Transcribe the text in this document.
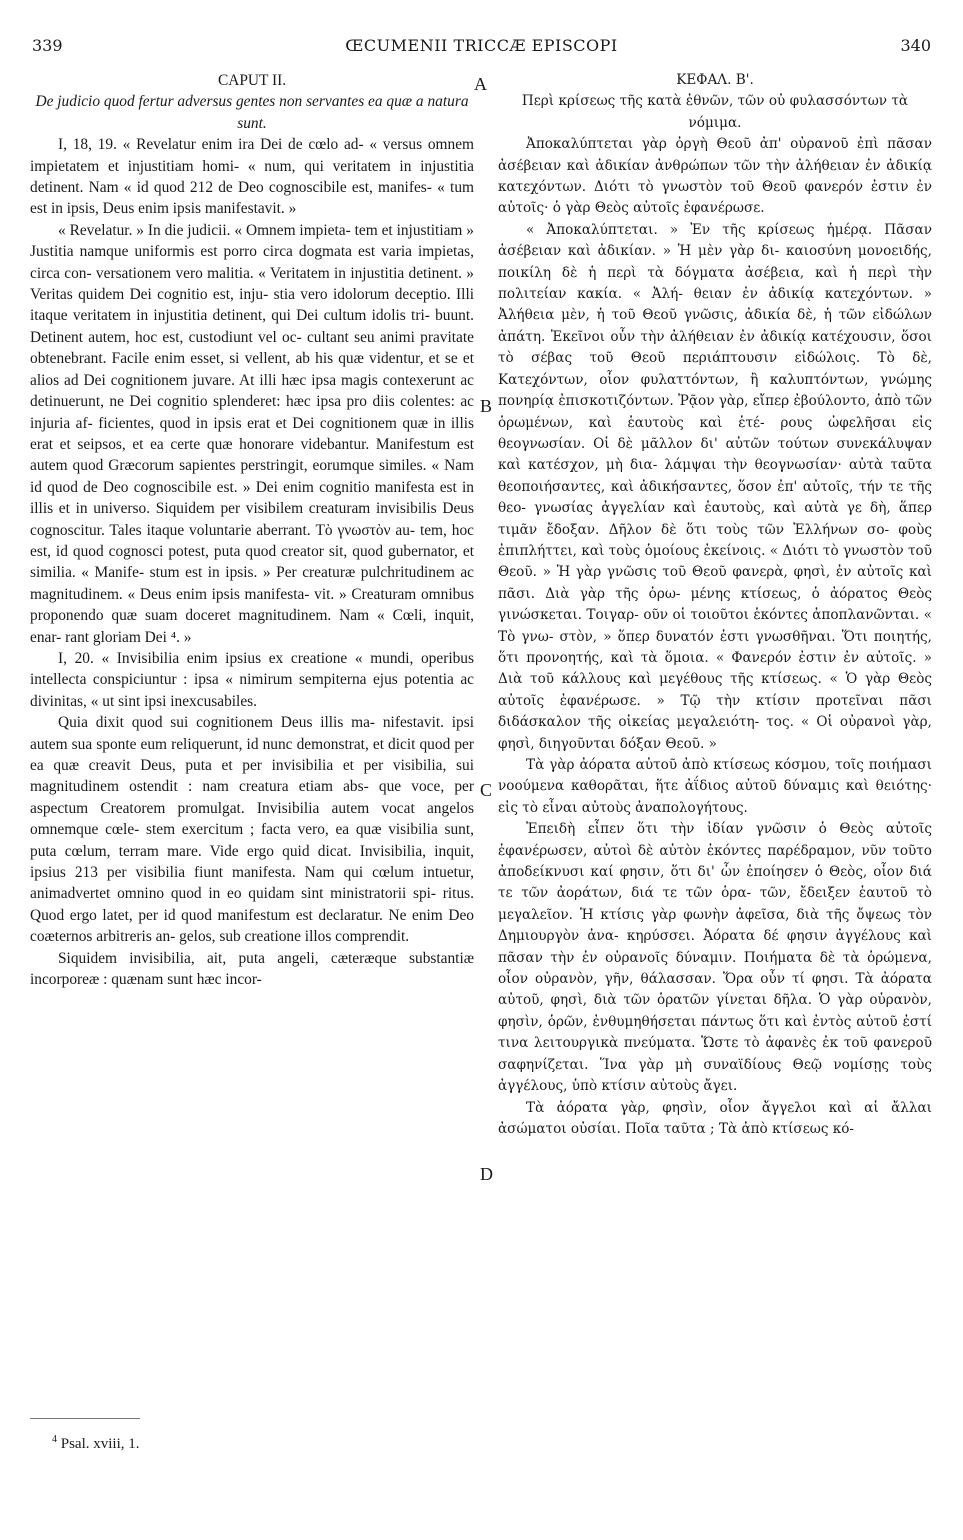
339	ŒCUMENII TRICCÆ EPISCOPI	340
A
B
C
D

CAPUT II.

De judicio quod fertur adversus gentes non servantes ea quæ a natura sunt.

I, 18, 19. « Revelatur enim ira Dei de cœlo ad- « versus omnem impietatem et injustitiam homi- « num, qui veritatem in injustitia detinent. Nam « id quod 212 de Deo cognoscibile est, manifes- « tum est in ipsis, Deus enim ipsis manifestavit. »

« Revelatur. » In die judicii. « Omnem impieta- tem et injustitiam » Justitia namque uniformis est porro circa dogmata est varia impietas, circa con- versationem vero malitia. « Veritatem in injustitia detinent. » Veritas quidem Dei cognitio est, inju- stia vero idolorum deceptio. Illi itaque veritatem in injustitia detinent, qui Dei cultum idolis tri- buunt. Detinent autem, hoc est, custodiunt vel oc- cultant seu animi pravitate obtenebrant. Facile enim esset, si vellent, ab his quæ videntur, et se et alios ad Dei cognitionem juvare. At illi hæc ipsa magis contexerunt ac detinuerunt, ne Dei cognitio splenderet: hæc ipsa pro diis colentes: ac injuria af- ficientes, quod in ipsis erat et Dei cognitionem quæ in illis erat et seipsos, et ea certe quæ honorare videbantur. Manifestum est autem quod Græcorum sapientes perstringit, eorumque similes. « Nam id quod de Deo cognoscibile est. » Dei enim cognitio manifesta est in illis et in universo. Siquidem per visibilem creaturam invisibilis Deus cognoscitur. Tales itaque voluntarie aberrant. Τὸ γνωστὸν au- tem, hoc est, id quod cognosci potest, puta quod creator sit, quod gubernator, et similia. « Manife- stum est in ipsis. » Per creaturæ pulchritudinem ac magnitudinem. « Deus enim ipsis manifesta- vit. » Creaturam omnibus proponendo quæ suam doceret magnitudinem. Nam « Cœli, inquit, enar- rant gloriam Dei ⁴. »

I, 20. « Invisibilia enim ipsius ex creatione « mundi, operibus intellecta conspiciuntur : ipsa « nimirum sempiterna ejus potentia ac divinitas, « ut sint ipsi inexcusabiles.

Quia dixit quod sui cognitionem Deus illis ma- nifestavit. ipsi autem sua sponte eum reliquerunt, id nunc demonstrat, et dicit quod per ea quæ creavit Deus, puta et per invisibilia et per visibilia, sui magnitudinem ostendit : nam creatura etiam abs- que voce, per aspectum Creatorem promulgat. Invisibilia autem vocat angelos omnemque cœle- stem exercitum ; facta vero, ea quæ visibilia sunt, puta cœlum, terram mare. Vide ergo quid dicat. Invisibilia, inquit, ipsius 213 per visibilia fiunt manifesta. Nam qui cœlum intuetur, animadvertet omnino quod in eo quidam sint ministratorii spi- ritus. Quod ergo latet, per id quod manifestum est declaratur. Ne enim Deo coæternos arbitreris an- gelos, sub creatione illos comprendit.

Siquidem invisibilia, ait, puta angeli, cæteræque substantiæ incorporeæ : quænam sunt hæc incor-

ΚΕΦΑΛ. Β'.

Περὶ κρίσεως τῆς κατὰ ἐθνῶν, τῶν οὐ φυλασσόντων τὰ νόμιμα.

Ἀποκαλύπτεται γὰρ ὀργὴ Θεοῦ ἀπ' οὐρανοῦ ἐπὶ πᾶσαν ἀσέβειαν καὶ ἀδικίαν ἀνθρώπων τῶν τὴν ἀλήθειαν ἐν ἀδικίᾳ κατεχόντων. Διότι τὸ γνωστὸν τοῦ Θεοῦ φανερόν ἐστιν ἐν αὐτοῖς· ὁ γὰρ Θεὸς αὐτοῖς ἐφανέρωσε.

« Ἀποκαλύπτεται. » Ἐν τῆς κρίσεως ἡμέρᾳ. Πᾶσαν ἀσέβειαν καὶ ἀδικίαν. » Ἡ μὲν γὰρ δι- καιοσύνη μονοειδής, ποικίλη δὲ ἡ περὶ τὰ δόγματα ἀσέβεια, καὶ ἡ περὶ τὴν πολιτείαν κακία. « Ἀλή- θειαν ἐν ἀδικίᾳ κατεχόντων. » Ἀλήθεια μὲν, ἡ τοῦ Θεοῦ γνῶσις, ἀδικία δὲ, ἡ τῶν εἰδώλων ἀπάτη. Ἐκεῖνοι οὖν τὴν ἀλήθειαν ἐν ἀδικίᾳ κατέχουσιν, ὅσοι τὸ σέβας τοῦ Θεοῦ περιάπτουσιν εἰδώλοις. Τὸ δὲ, Κατεχόντων, οἷον φυλαττόντων, ἢ καλυπτόντων, γνώμης πονηρίᾳ ἐπισκοτιζόντων. Ῥᾷον γὰρ, εἴπερ ἐβούλοντο, ἀπὸ τῶν ὁρωμένων, καὶ ἑαυτοὺς καὶ ἑτέ- ρους ὠφελῆσαι εἰς θεογνωσίαν. Οἱ δὲ μᾶλλον δι' αὐτῶν τούτων συνεκάλυψαν καὶ κατέσχον, μὴ δια- λάμψαι τὴν θεογνωσίαν· αὐτὰ ταῦτα θεοποιήσαντες, καὶ ἀδικήσαντες, ὅσον ἐπ' αὐτοῖς, τήν τε τῆς θεο- γνωσίας ἀγγελίαν καὶ ἑαυτοὺς, καὶ αὐτὰ γε δὴ, ἅπερ τιμᾶν ἔδοξαν. Δῆλον δὲ ὅτι τοὺς τῶν Ἑλλήνων σο- φοὺς ἐπιπλήττει, καὶ τοὺς ὁμοίους ἐκείνοις. « Διότι τὸ γνωστὸν τοῦ Θεοῦ. » Ἡ γὰρ γνῶσις τοῦ Θεοῦ φανερὰ, φησὶ, ἐν αὐτοῖς καὶ πᾶσι. Διὰ γὰρ τῆς ὁρω- μένης κτίσεως, ὁ ἀόρατος Θεὸς γινώσκεται. Τοιγαρ- οῦν οἱ τοιοῦτοι ἑκόντες ἀποπλανῶνται. « Τὸ γνω- στὸν, » ὅπερ δυνατόν ἐστι γνωσθῆναι. Ὅτι ποιητής, ὅτι προνοητής, καὶ τὰ ὅμοια. « Φανερόν ἐστιν ἐν αὐτοῖς. » Διὰ τοῦ κάλλους καὶ μεγέθους τῆς κτίσεως. « Ὁ γὰρ Θεὸς αὐτοῖς ἐφανέρωσε. » Τῷ τὴν κτίσιν προτεῖναι πᾶσι διδάσκαλον τῆς οἰκείας μεγαλειότη- τος. « Οἱ οὐρανοὶ γὰρ, φησὶ, διηγοῦνται δόξαν Θεοῦ. »

Τὰ γὰρ ἀόρατα αὐτοῦ ἀπὸ κτίσεως κόσμου, τοῖς ποιήμασι νοούμενα καθορᾶται, ἥτε ἀΐδιος αὐτοῦ δύναμις καὶ θειότης· εἰς τὸ εἶναι αὐτοὺς ἀναπολογήτους.

Ἐπειδὴ εἶπεν ὅτι τὴν ἰδίαν γνῶσιν ὁ Θεὸς αὐτοῖς ἐφανέρωσεν, αὐτοὶ δὲ αὐτὸν ἑκόντες παρέδραμον, νῦν τοῦτο ἀποδείκνυσι καί φησιν, ὅτι δι' ὧν ἐποίησεν ὁ Θεὸς, οἷον διά τε τῶν ἀοράτων, διά τε τῶν ὁρα- τῶν, ἔδειξεν ἑαυτοῦ τὸ μεγαλεῖον. Ἡ κτίσις γὰρ φωνὴν ἀφεῖσα, διὰ τῆς ὄψεως τὸν Δημιουργὸν ἀνα- κηρύσσει. Ἀόρατα δέ φησιν ἀγγέλους καὶ πᾶσαν τὴν ἐν οὐρανοῖς δύναμιν. Ποιήματα δὲ τὰ ὁρώμενα, οἷον οὐρανὸν, γῆν, θάλασσαν. Ὅρα οὖν τί φησι. Τὰ ἀόρατα αὐτοῦ, φησὶ, διὰ τῶν ὁρατῶν γίνεται δῆλα. Ὁ γὰρ οὐρανὸν, φησὶν, ὁρῶν, ἐνθυμηθήσεται πάντως ὅτι καὶ ἐντὸς αὐτοῦ ἐστί τινα λειτουργικὰ πνεύματα. Ὥστε τὸ ἀφανὲς ἐκ τοῦ φανεροῦ σαφηνίζεται. Ἵνα γὰρ μὴ συναϊδίους Θεῷ νομίσῃς τοὺς ἀγγέλους, ὑπὸ κτίσιν αὐτοὺς ἄγει.

Τὰ ἀόρατα γὰρ, φησὶν, οἷον ἄγγελοι καὶ αἱ ἄλλαι ἀσώματοι οὐσίαι. Ποῖα ταῦτα ; Τὰ ἀπὸ κτίσεως κό-

$^4$ Psal. xviii, 1.
